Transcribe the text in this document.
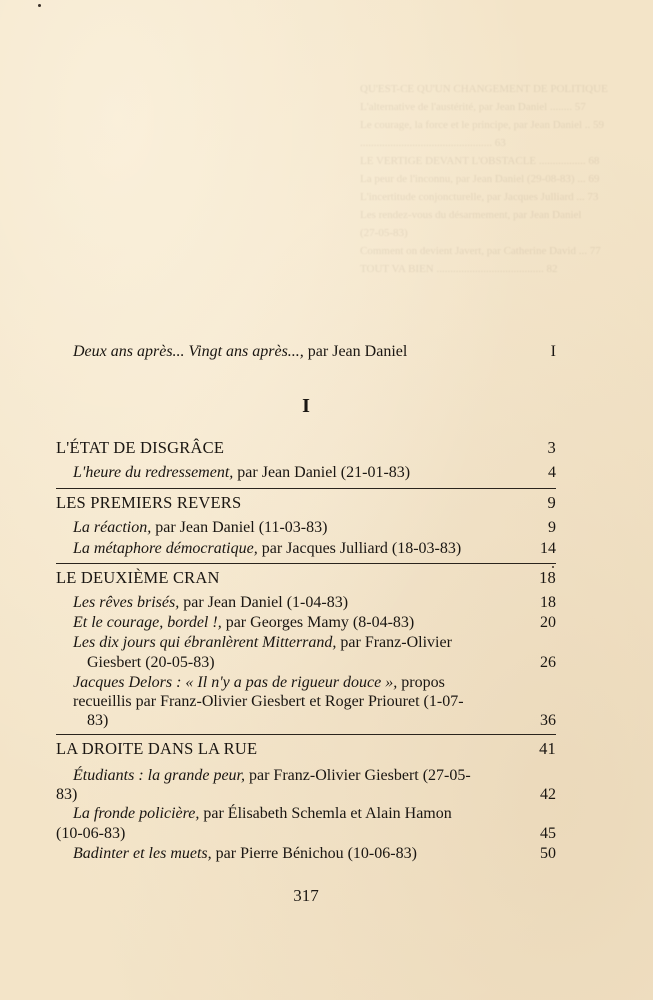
QU'EST-CE QU'UN CHANGEMENT DE POLITIQUE
L'alternative de l'austérité, par Jean Daniel ........ 57
Le courage, la force et le principe, par Jean Daniel .. 59
................................................ 63
LE VERTIGE DEVANT L'OBSTACLE ................. 68
La peur de l'inconnu, par Jean Daniel (29-08-83) ... 69
L'incertitude conjoncturelle, par Jacques Julliard ... 73
Les rendez-vous du désarmement, par Jean Daniel
(27-05-83)
Comment on devient Javert, par Catherine David ... 77
TOUT VA BIEN ....................................... 82
Deux ans après... Vingt ans après..., par Jean Daniel	I
I
L'ÉTAT DE DISGRÂCE	3
L'heure du redressement, par Jean Daniel (21-01-83)	4
LES PREMIERS REVERS	9
La réaction, par Jean Daniel (11-03-83)	9
La métaphore démocratique, par Jacques Julliard (18-03-83)	14
LE DEUXIÈME CRAN	18
Les rêves brisés, par Jean Daniel (1-04-83)	18
Et le courage, bordel !, par Georges Mamy (8-04-83)	20
Les dix jours qui ébranlèrent Mitterrand, par Franz-Olivier
Giesbert (20-05-83)	26
Jacques Delors : « Il n'y a pas de rigueur douce », propos
recueillis par Franz-Olivier Giesbert et Roger Priouret (1-07-
83)	36
LA DROITE DANS LA RUE	41
Étudiants : la grande peur, par Franz-Olivier Giesbert (27-05-
83)	42
La fronde policière, par Élisabeth Schemla et Alain Hamon
(10-06-83)	45
Badinter et les muets, par Pierre Bénichou (10-06-83)	50
317
